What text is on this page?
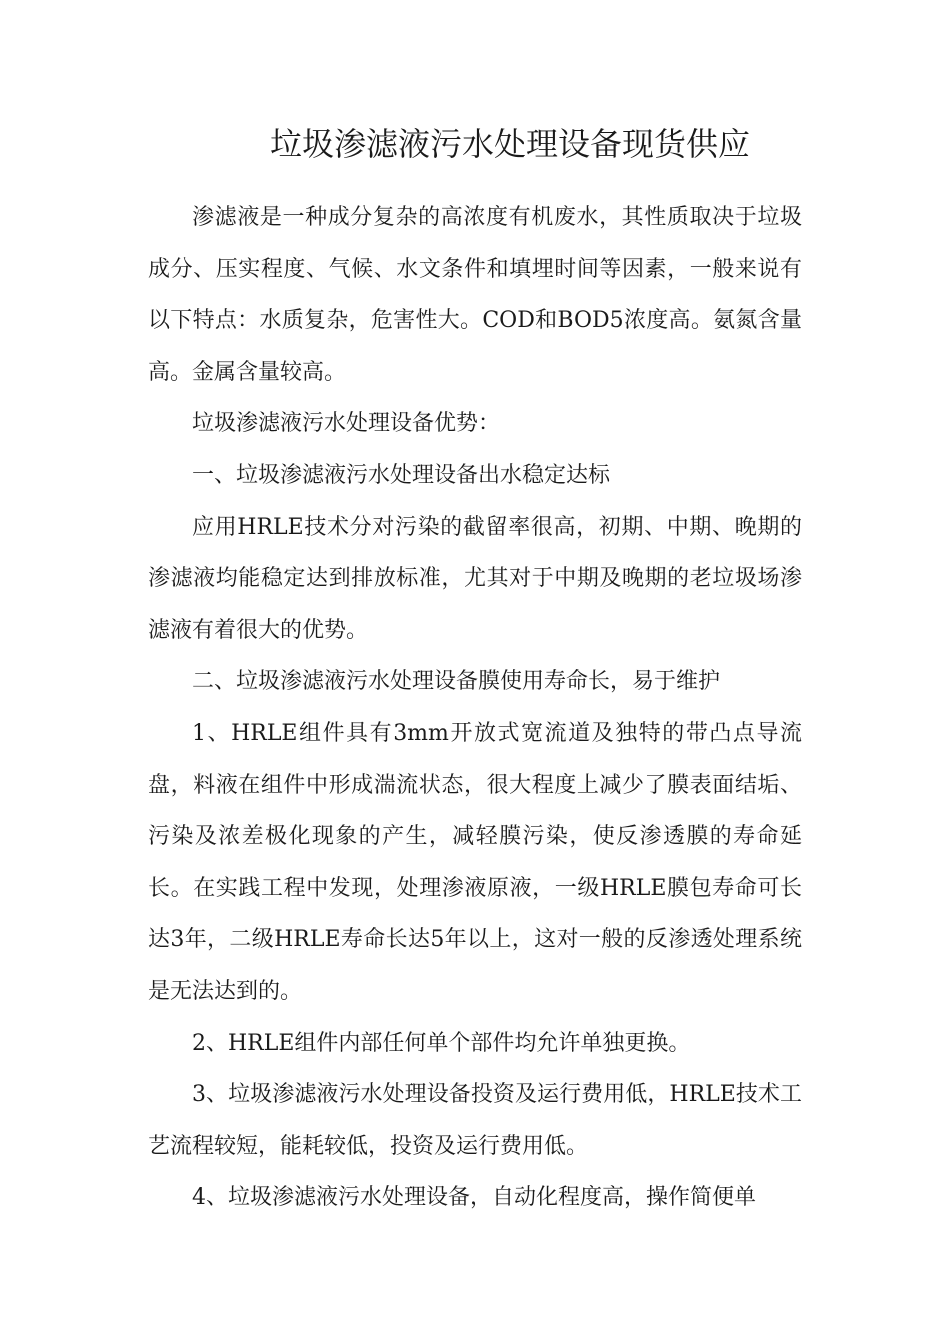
垃圾渗滤液污水处理设备现货供应

渗滤液是一种成分复杂的高浓度有机废水，其性质取决于垃圾成分、压实程度、气候、水文条件和填埋时间等因素，一般来说有以下特点：水质复杂，危害性大。COD和BOD5浓度高。氨氮含量高。金属含量较高。

垃圾渗滤液污水处理设备优势：

一、垃圾渗滤液污水处理设备出水稳定达标

应用HRLE技术分对污染的截留率很高，初期、中期、晚期的渗滤液均能稳定达到排放标准，尤其对于中期及晚期的老垃圾场渗滤液有着很大的优势。

二、垃圾渗滤液污水处理设备膜使用寿命长，易于维护

1、HRLE组件具有3mm开放式宽流道及独特的带凸点导流盘，料液在组件中形成湍流状态，很大程度上减少了膜表面结垢、污染及浓差极化现象的产生，减轻膜污染，使反渗透膜的寿命延长。在实践工程中发现，处理渗液原液，一级HRLE膜包寿命可长达3年，二级HRLE寿命长达5年以上，这对一般的反渗透处理系统是无法达到的。

2、HRLE组件内部任何单个部件均允许单独更换。

3、垃圾渗滤液污水处理设备投资及运行费用低，HRLE技术工艺流程较短，能耗较低，投资及运行费用低。

4、垃圾渗滤液污水处理设备，自动化程度高，操作简便单
